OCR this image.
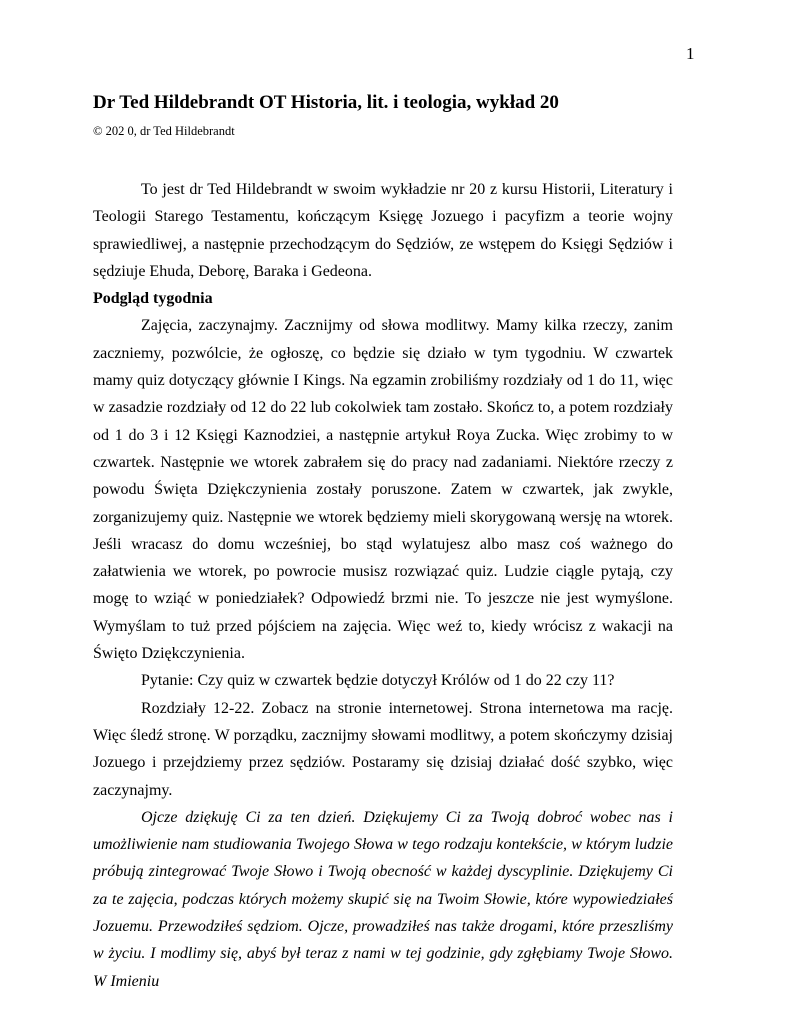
1
Dr Ted Hildebrandt OT Historia, lit. i teologia, wykład 20
© 202 0, dr Ted Hildebrandt

To jest dr Ted Hildebrandt w swoim wykładzie nr 20 z kursu Historii, Literatury i Teologii Starego Testamentu, kończącym Księgę Jozuego i pacyfizm a teorie wojny sprawiedliwej, a następnie przechodzącym do Sędziów, ze wstępem do Księgi Sędziów i sędziuje Ehuda, Deborę, Baraka i Gedeona.

Podgląd tygodnia

Zajęcia, zaczynajmy. Zacznijmy od słowa modlitwy. Mamy kilka rzeczy, zanim zaczniemy, pozwólcie, że ogłoszę, co będzie się działo w tym tygodniu. W czwartek mamy quiz dotyczący głównie I Kings. Na egzamin zrobiliśmy rozdziały od 1 do 11, więc w zasadzie rozdziały od 12 do 22 lub cokolwiek tam zostało. Skończ to, a potem rozdziały od 1 do 3 i 12 Księgi Kaznodziei, a następnie artykuł Roya Zucka. Więc zrobimy to w czwartek. Następnie we wtorek zabrałem się do pracy nad zadaniami. Niektóre rzeczy z powodu Święta Dziękczynienia zostały poruszone. Zatem w czwartek, jak zwykle, zorganizujemy quiz. Następnie we wtorek będziemy mieli skorygowaną wersję na wtorek. Jeśli wracasz do domu wcześniej, bo stąd wylatujesz albo masz coś ważnego do załatwienia we wtorek, po powrocie musisz rozwiązać quiz. Ludzie ciągle pytają, czy mogę to wziąć w poniedziałek? Odpowiedź brzmi nie. To jeszcze nie jest wymyślone. Wymyślam to tuż przed pójściem na zajęcia. Więc weź to, kiedy wrócisz z wakacji na Święto Dziękczynienia.

Pytanie: Czy quiz w czwartek będzie dotyczył Królów od 1 do 22 czy 11?

Rozdziały 12-22. Zobacz na stronie internetowej. Strona internetowa ma rację. Więc śledź stronę. W porządku, zacznijmy słowami modlitwy, a potem skończymy dzisiaj Jozuego i przejdziemy przez sędziów. Postaramy się dzisiaj działać dość szybko, więc zaczynajmy.

Ojcze dziękuję Ci za ten dzień. Dziękujemy Ci za Twoją dobroć wobec nas i umożliwienie nam studiowania Twojego Słowa w tego rodzaju kontekście, w którym ludzie próbują zintegrować Twoje Słowo i Twoją obecność w każdej dyscyplinie. Dziękujemy Ci za te zajęcia, podczas których możemy skupić się na Twoim Słowie, które wypowiedziałeś Jozuemu. Przewodziłeś sędziom. Ojcze, prowadziłeś nas także drogami, które przeszliśmy w życiu. I modlimy się, abyś był teraz z nami w tej godzinie, gdy zgłębiamy Twoje Słowo. W Imieniu
